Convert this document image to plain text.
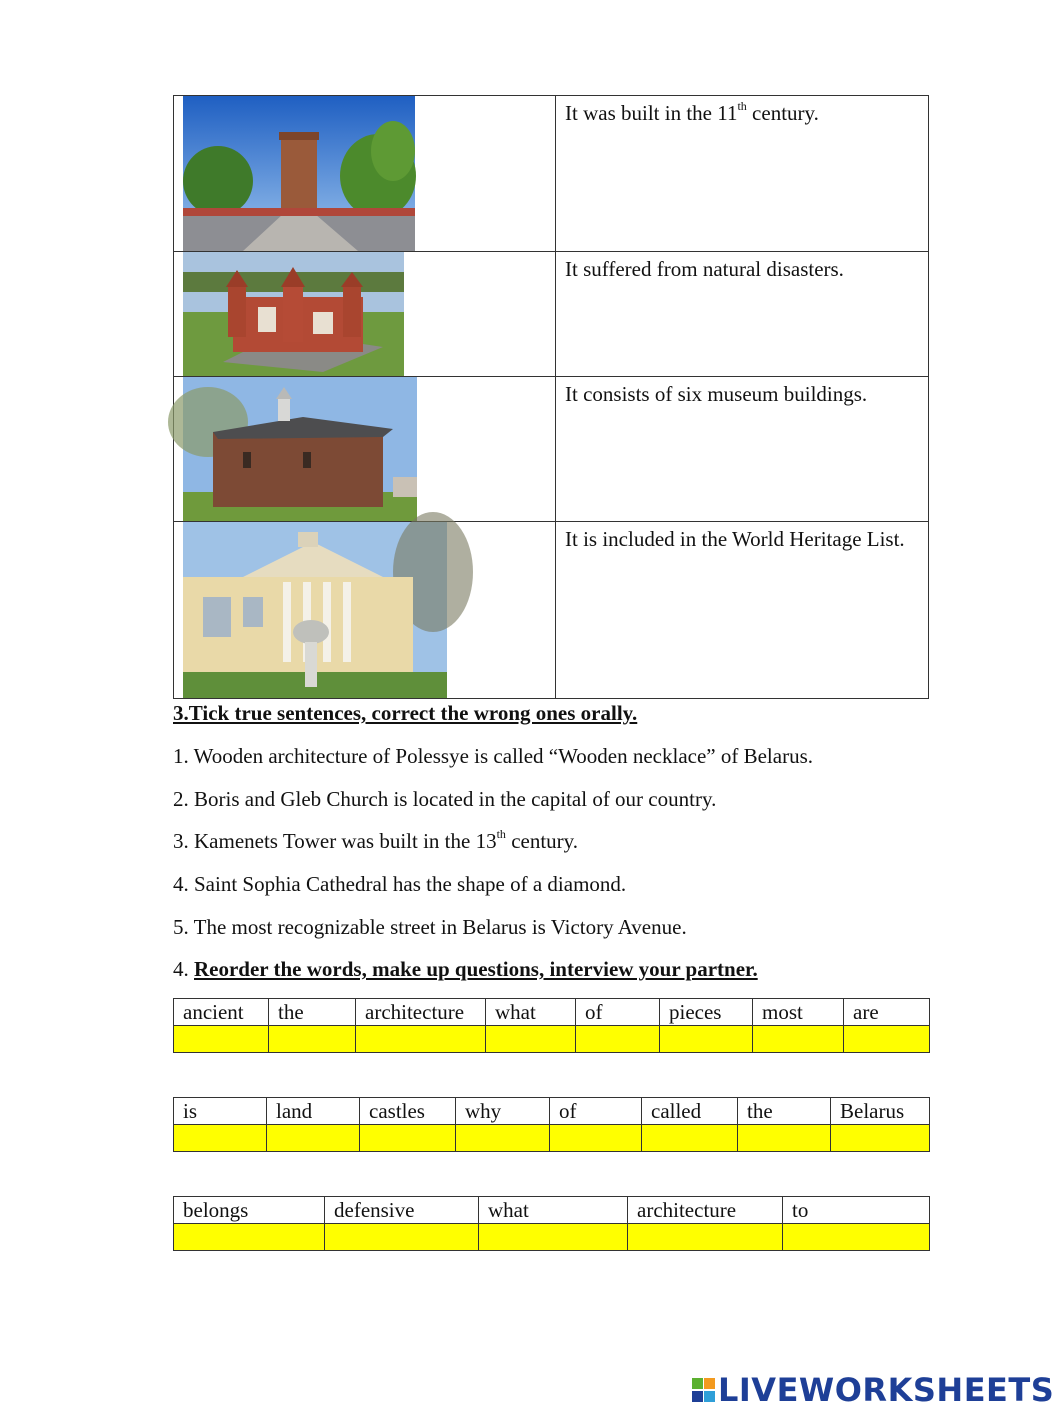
	It was built in the 11th century.

	It suffered from natural disasters.

	It consists of six museum buildings.

	It is included in the World Heritage List.
3.Tick true sentences, correct the wrong ones orally.
1. Wooden architecture of Polessye is called “Wooden necklace” of Belarus.
2. Boris and Gleb Church is located in the capital of our country.
3. Kamenets Tower was built in the 13th century.
4. Saint Sophia Cathedral has the shape of a diamond.
5. The most recognizable street in Belarus is Victory Avenue.
4. Reorder the words, make up questions, interview your partner.
ancient	the	architecture	what	of	pieces	most	are

is	land	castles	why	of	called	the	Belarus

belongs	defensive	what	architecture	to

LIVEWORKSHEETS
